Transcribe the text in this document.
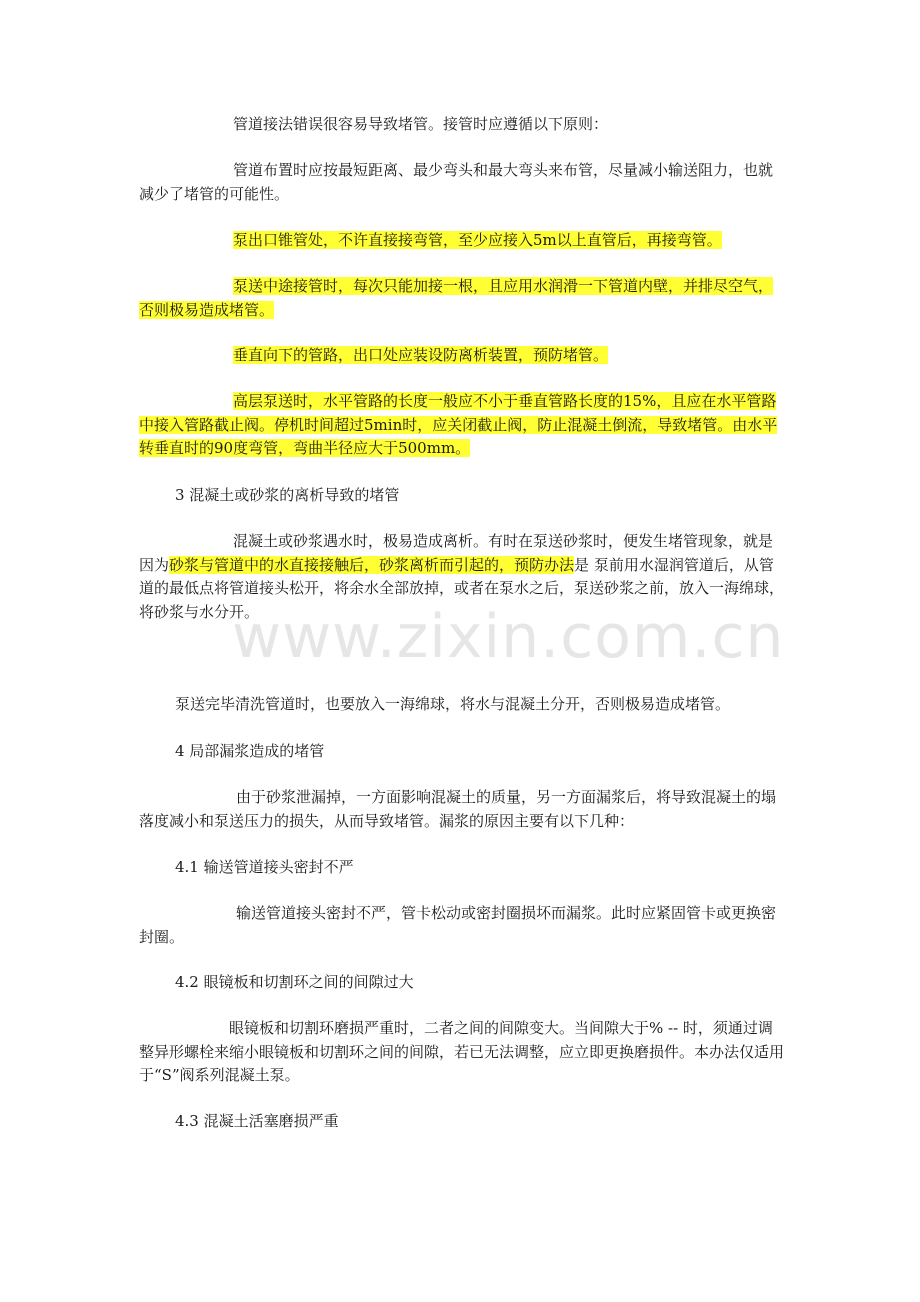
管道接法错误很容易导致堵管。接管时应遵循以下原则：

管道布置时应按最短距离、最少弯头和最大弯头来布管，尽量减小输送阻力，也就减少了堵管的可能性。

泵出口锥管处，不许直接接弯管，至少应接入5m以上直管后，再接弯管。

泵送中途接管时，每次只能加接一根，且应用水润滑一下管道内壁，并排尽空气，否则极易造成堵管。

垂直向下的管路，出口处应装设防离析装置，预防堵管。

高层泵送时，水平管路的长度一般应不小于垂直管路长度的15%，且应在水平管路中接入管路截止阀。停机时间超过5min时，应关闭截止阀，防止混凝土倒流，导致堵管。由水平转垂直时的90度弯管，弯曲半径应大于500mm。

3 混凝土或砂浆的离析导致的堵管

混凝土或砂浆遇水时，极易造成离析。有时在泵送砂浆时，便发生堵管现象，就是因为砂浆与管道中的水直接接触后，砂浆离析而引起的，预防办法是 泵前用水湿润管道后，从管道的最低点将管道接头松开，将余水全部放掉，或者在泵水之后，泵送砂浆之前，放入一海绵球，将砂浆与水分开。

泵送完毕清洗管道时，也要放入一海绵球，将水与混凝土分开，否则极易造成堵管。

4 局部漏浆造成的堵管

由于砂浆泄漏掉，一方面影响混凝土的质量，另一方面漏浆后，将导致混凝土的塌落度减小和泵送压力的损失，从而导致堵管。漏浆的原因主要有以下几种：

4.1 输送管道接头密封不严

输送管道接头密封不严，管卡松动或密封圈损坏而漏浆。此时应紧固管卡或更换密封圈。

4.2 眼镜板和切割环之间的间隙过大

眼镜板和切割环磨损严重时，二者之间的间隙变大。当间隙大于% -- 时，须通过调整异形螺栓来缩小眼镜板和切割环之间的间隙，若已无法调整，应立即更换磨损件。本办法仅适用于“S”阀系列混凝土泵。

4.3 混凝土活塞磨损严重

www.zixin.com.cn
